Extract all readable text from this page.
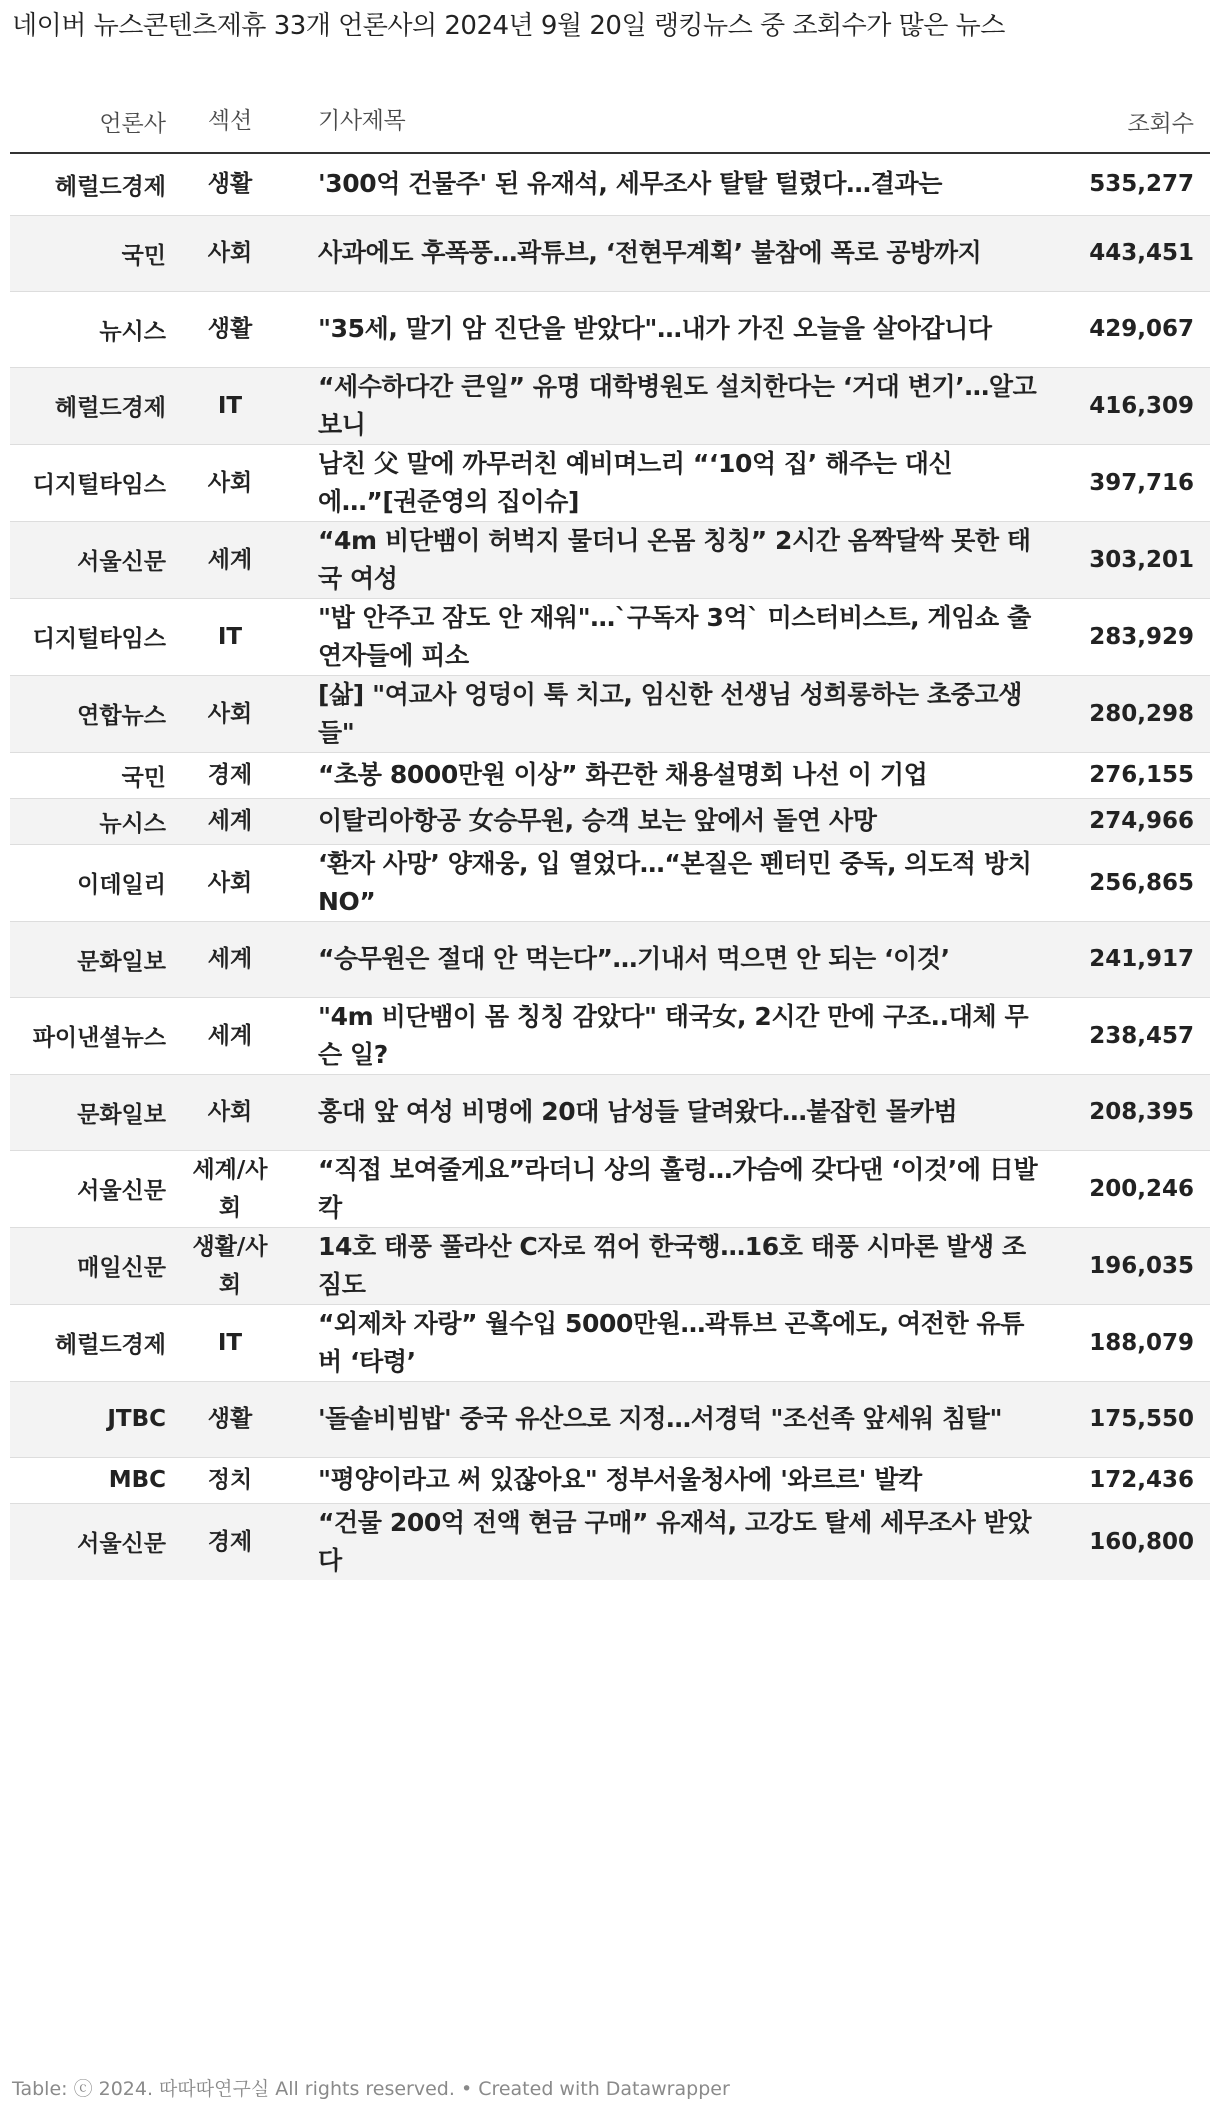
네이버 뉴스콘텐츠제휴 33개 언론사의 2024년 9월 20일 랭킹뉴스 중 조회수가 많은 뉴스
언론사	섹션	기사제목	조회수
헤럴드경제	생활	'300억 건물주' 된 유재석, 세무조사 탈탈 털렸다…결과는	535,277
국민	사회	사과에도 후폭풍…곽튜브, ‘전현무계획’ 불참에 폭로 공방까지	443,451
뉴시스	생활	"35세, 말기 암 진단을 받았다"…내가 가진 오늘을 살아갑니다	429,067
헤럴드경제	IT	“세수하다간 큰일” 유명 대학병원도 설치한다는 ‘거대 변기’…알고 보니	416,309
디지털타임스	사회	남친 父 말에 까무러친 예비며느리 “‘10억 집’ 해주는 대신에…”[권준영의 집이슈]	397,716
서울신문	세계	“4m 비단뱀이 허벅지 물더니 온몸 칭칭” 2시간 옴짝달싹 못한 태국 여성	303,201
디지털타임스	IT	"밥 안주고 잠도 안 재워"…`구독자 3억` 미스터비스트, 게임쇼 출연자들에 피소	283,929
연합뉴스	사회	[삶] "여교사 엉덩이 툭 치고, 임신한 선생님 성희롱하는 초중고생들"	280,298
국민	경제	“초봉 8000만원 이상” 화끈한 채용설명회 나선 이 기업	276,155
뉴시스	세계	이탈리아항공 女승무원, 승객 보는 앞에서 돌연 사망	274,966
이데일리	사회	‘환자 사망’ 양재웅, 입 열었다…“본질은 펜터민 중독, 의도적 방치 NO”	256,865
문화일보	세계	“승무원은 절대 안 먹는다”…기내서 먹으면 안 되는 ‘이것’	241,917
파이낸셜뉴스	세계	"4m 비단뱀이 몸 칭칭 감았다" 태국女, 2시간 만에 구조..대체 무슨 일?	238,457
문화일보	사회	홍대 앞 여성 비명에 20대 남성들 달려왔다…붙잡힌 몰카범	208,395
서울신문	세계/사회	“직접 보여줄게요”라더니 상의 훌렁…가슴에 갖다댄 ‘이것’에 日발칵	200,246
매일신문	생활/사회	14호 태풍 풀라산 C자로 꺾어 한국행…16호 태풍 시마론 발생 조짐도	196,035
헤럴드경제	IT	“외제차 자랑” 월수입 5000만원…곽튜브 곤혹에도, 여전한 유튜버 ‘타령’	188,079
JTBC	생활	'돌솥비빔밥' 중국 유산으로 지정…서경덕 "조선족 앞세워 침탈"	175,550
MBC	정치	"평양이라고 써 있잖아요" 정부서울청사에 '와르르' 발칵	172,436
서울신문	경제	“건물 200억 전액 현금 구매” 유재석, 고강도 탈세 세무조사 받았다	160,800
Table: ⓒ 2024. 따따따연구실 All rights reserved. • Created with Datawrapper
